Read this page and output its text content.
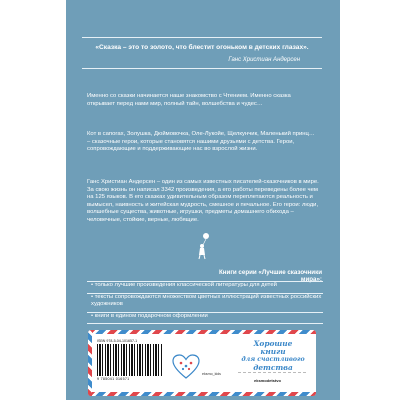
«Сказка – это то золото, что блестит огоньком в детских глазах».
Ганс Христиан Андерсен

Именно со сказки начинается наше знакомство с Чтением. Именно сказка открывает перед нами мир, полный тайн, волшебства и чудес…

Кот в сапогах, Золушка, Дюймовочка, Оле-Лукойе, Щелкунчик, Маленький принц… – сказочные герои, которые становятся нашими друзьями с детства. Герои, сопровождающие и поддерживающие нас во взрослой жизни.

Ганс Христиан Андерсен – один из самых известных писателей-сказочников в мире. За свою жизнь он написал 3342 произведения, а его работы переведены более чем на 125 языков. В его сказках удивительным образом переплетаются реальность и вымысел, наивность и житейская мудрость, смешное и печальное. Его герои: люди, волшебные существа, животные, игрушки, предметы домашнего обихода – человечные, стойкие, верные, любящие.

Книги серии «Лучшие сказочники мира»:
• только лучшие произведения классической литературы для детей
• тексты сопровождаются множеством цветных иллюстраций известных российских художников
• книги в едином подарочном оформлении
ISBN 978-5-04-101657-1
9 785041 016571
eksmo_kids
Хорошие
книги
для счастливого
детства
eksmodetstvo
